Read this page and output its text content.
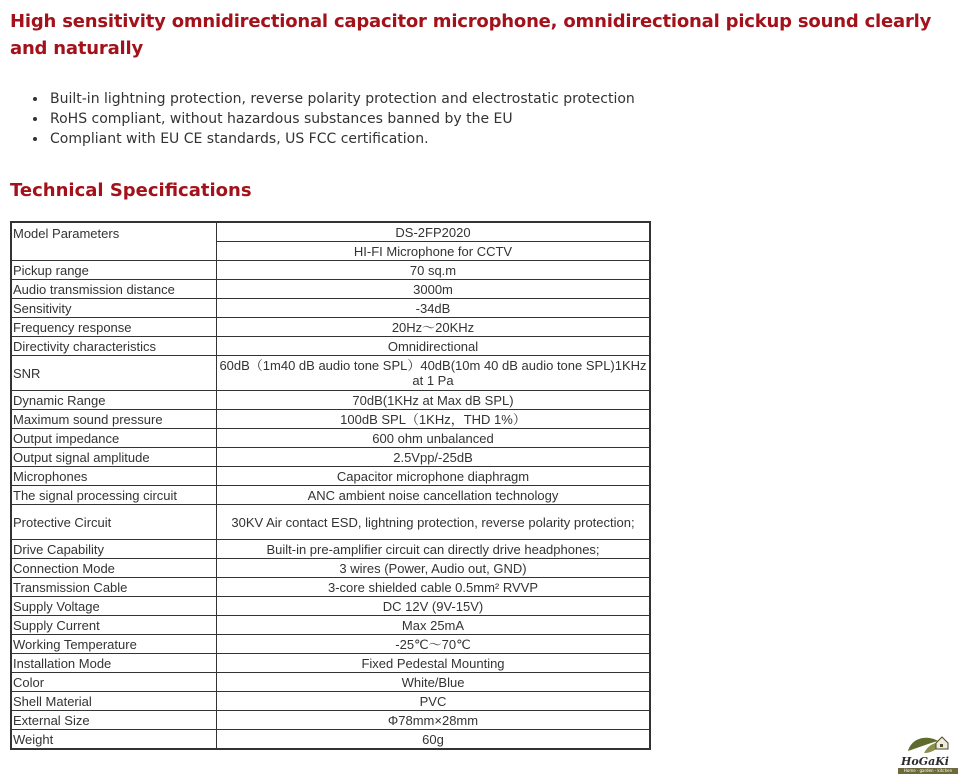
High sensitivity omnidirectional capacitor microphone, omnidirectional pickup sound clearly and naturally
• Built-in lightning protection, reverse polarity protection and electrostatic protection
• RoHS compliant, without hazardous substances banned by the EU
• Compliant with EU CE standards, US FCC certification.
Technical Specifications
Model Parameters	DS-2FP2020
	HI-FI Microphone for CCTV
Pickup range	70 sq.m
Audio transmission distance	3000m
Sensitivity	-34dB
Frequency response	20Hz～20KHz
Directivity characteristics	Omnidirectional
SNR	60dB（1m40 dB audio tone SPL）40dB(10m 40 dB audio tone SPL)1KHz at 1 Pa
Dynamic Range	70dB(1KHz at Max dB SPL)
Maximum sound pressure	100dB SPL（1KHz，THD 1%）
Output impedance	600 ohm unbalanced
Output signal amplitude	2.5Vpp/-25dB
Microphones	Capacitor microphone diaphragm
The signal processing circuit	ANC ambient noise cancellation technology
Protective Circuit	30KV Air contact ESD, lightning protection, reverse polarity protection;
Drive Capability	Built-in pre-amplifier circuit can directly drive headphones;
Connection Mode	3 wires (Power, Audio out, GND)
Transmission Cable	3-core shielded cable 0.5mm² RVVP
Supply Voltage	DC 12V (9V-15V)
Supply Current	Max 25mA
Working Temperature	-25℃～70℃
Installation Mode	Fixed Pedestal Mounting
Color	White/Blue
Shell Material	PVC
External Size	Φ78mm×28mm
Weight	60g
HoGaKi
Home · garden · kitchen
